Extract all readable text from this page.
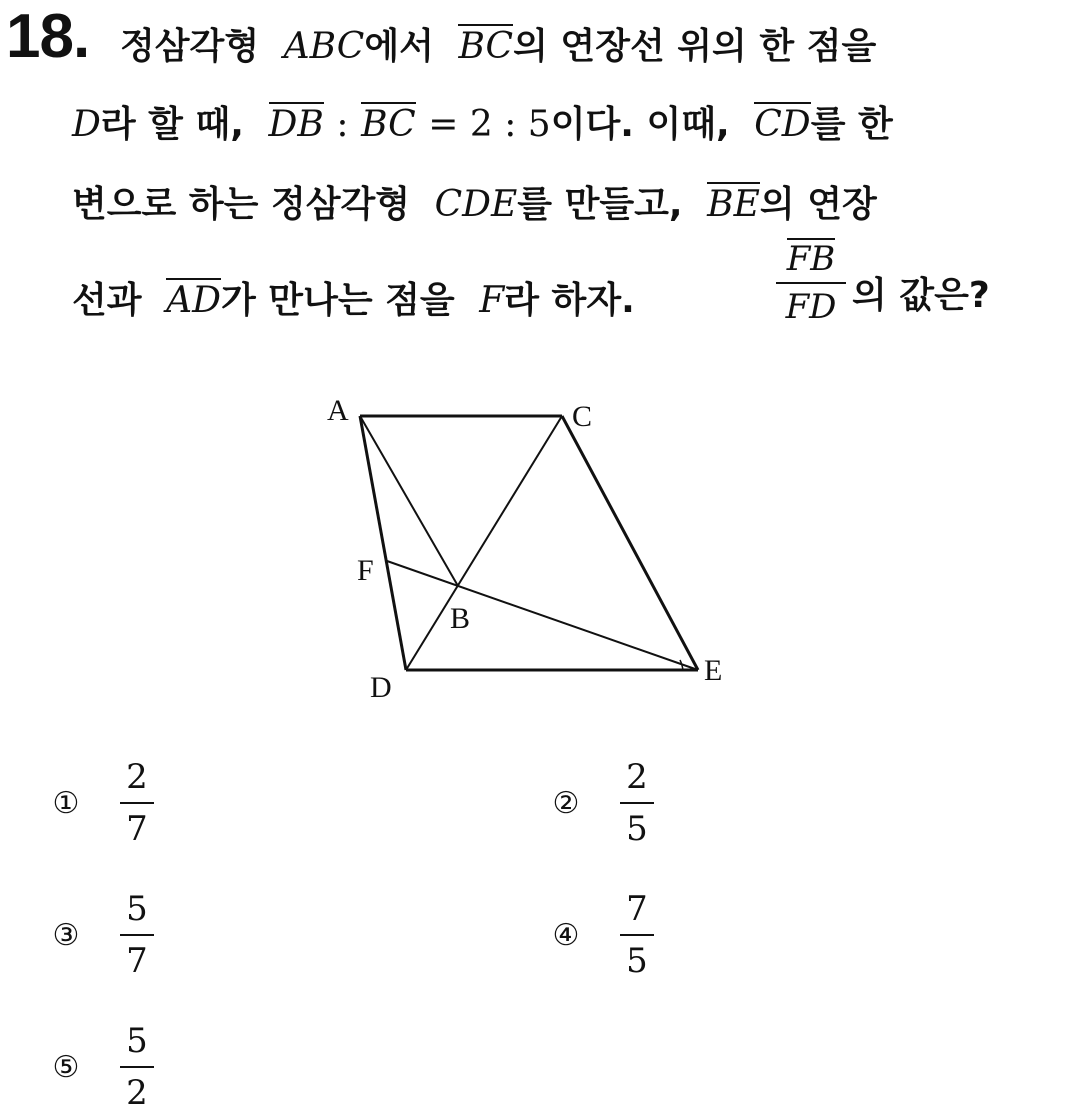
18. 정삼각형 ABC에서 BC의 연장선 위의 한 점을
D라 할 때, DB : BC = 2 : 5이다. 이때, CD를 한
변으로 하는 정삼각형 CDE를 만들고, BE의 연장
선과 AD가 만나는 점을 F라 하자.
FB
FD 의 값은?
A	C
F
B
D
E
①
2
7
②
2
5
③
5
7
④
7
5
⑤
5
2
